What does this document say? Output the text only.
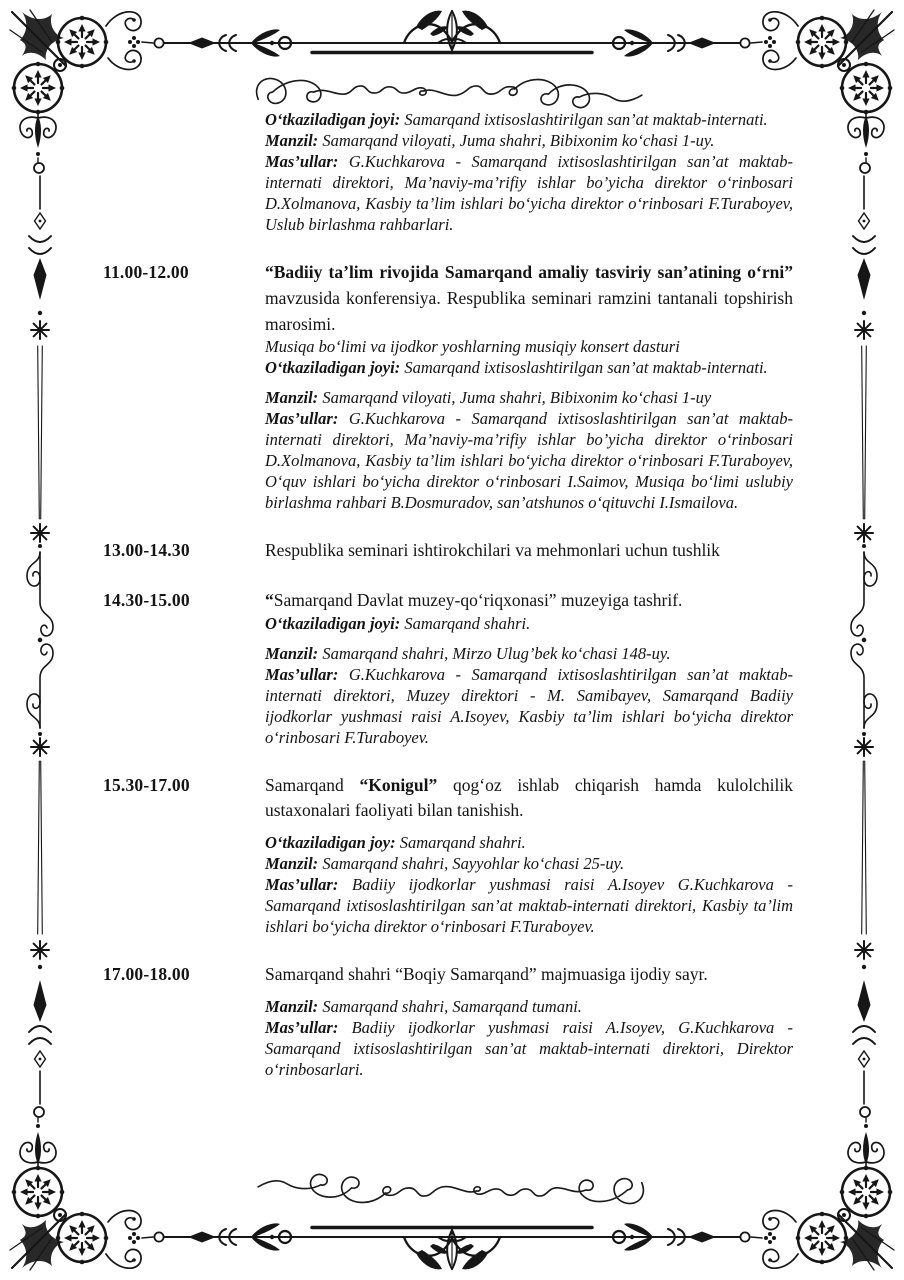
O‘tkaziladigan joyi: Samarqand ixtisoslashtirilgan san’at maktab-internati.

Manzil: Samarqand viloyati, Juma shahri, Bibixonim ko‘chasi 1-uy.

Mas’ullar: G.Kuchkarova - Samarqand ixtisoslashtirilgan san’at maktab-internati direktori, Ma’naviy-ma’rifiy ishlar bo’yicha direktor o‘rinbosari D.Xolmanova, Kasbiy ta’lim ishlari bo‘yicha direktor o‘rinbosari F.Turaboyev, Uslub birlashma rahbarlari.

11.00-12.00	“Badiiy ta’lim rivojida Samarqand amaliy tasviriy san’atining o‘rni” mavzusida konferensiya. Respublika seminari ramzini tantanali topshirish marosimi.

Musiqa bo‘limi va ijodkor yoshlarning musiqiy konsert dasturi

O‘tkaziladigan joyi: Samarqand ixtisoslashtirilgan san’at maktab-internati.

Manzil: Samarqand viloyati, Juma shahri, Bibixonim ko‘chasi 1-uy

Mas’ullar: G.Kuchkarova - Samarqand ixtisoslashtirilgan san’at maktab-internati direktori, Ma’naviy-ma’rifiy ishlar bo’yicha direktor o‘rinbosari D.Xolmanova, Kasbiy ta’lim ishlari bo‘yicha direktor o‘rinbosari F.Turaboyev, O‘quv ishlari bo‘yicha direktor o‘rinbosari I.Saimov, Musiqa bo‘limi uslubiy birlashma rahbari B.Dosmuradov, san’atshunos o‘qituvchi I.Ismailova.

13.00-14.30	Respublika seminari ishtirokchilari va mehmonlari uchun tushlik

14.30-15.00	“Samarqand Davlat muzey-qo‘riqxonasi” muzeyiga tashrif.

O‘tkaziladigan joyi: Samarqand shahri.

Manzil: Samarqand shahri, Mirzo Ulug’bek ko‘chasi 148-uy.

Mas’ullar: G.Kuchkarova - Samarqand ixtisoslashtirilgan san’at maktab-internati direktori, Muzey direktori - M. Samibayev, Samarqand Badiiy ijodkorlar yushmasi raisi A.Isoyev, Kasbiy ta’lim ishlari bo‘yicha direktor o‘rinbosari F.Turaboyev.

15.30-17.00	Samarqand “Konigul” qog‘oz ishlab chiqarish hamda kulolchilik ustaxonalari faoliyati bilan tanishish.

O‘tkaziladigan joy: Samarqand shahri.

Manzil: Samarqand shahri, Sayyohlar ko‘chasi 25-uy.

Mas’ullar: Badiiy ijodkorlar yushmasi raisi A.Isoyev G.Kuchkarova - Samarqand ixtisoslashtirilgan san’at maktab-internati direktori, Kasbiy ta’lim ishlari bo‘yicha direktor o‘rinbosari F.Turaboyev.

17.00-18.00	Samarqand shahri “Boqiy Samarqand” majmuasiga ijodiy sayr.

Manzil: Samarqand shahri, Samarqand tumani.

Mas’ullar: Badiiy ijodkorlar yushmasi raisi A.Isoyev, G.Kuchkarova - Samarqand ixtisoslashtirilgan san’at maktab-internati direktori, Direktor o‘rinbosarlari.
